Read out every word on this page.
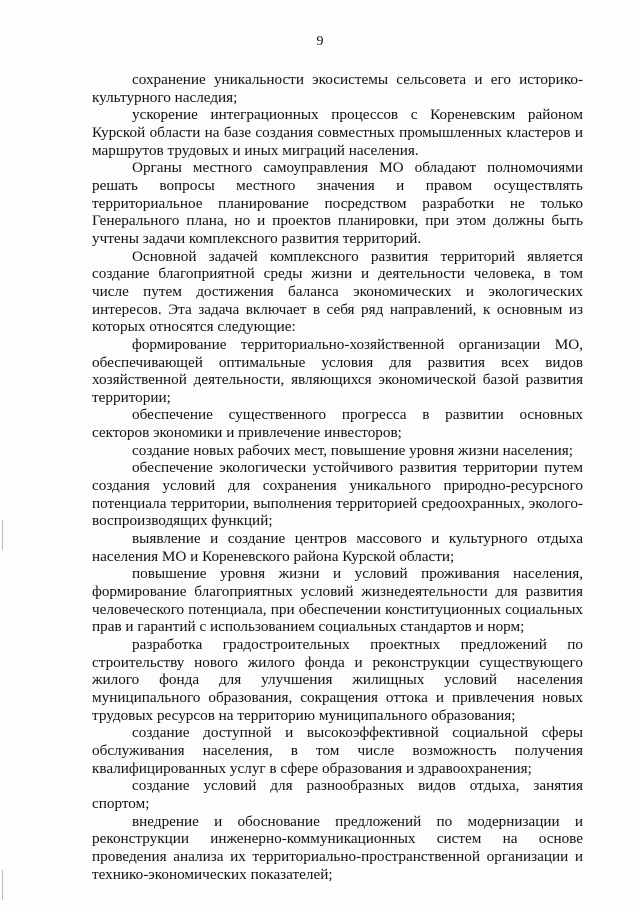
9

сохранение уникальности экосистемы сельсовета и его историко-культурного наследия;

ускорение интеграционных процессов с Кореневским районом Курской области на базе создания совместных промышленных кластеров и маршрутов трудовых и иных миграций населения.

Органы местного самоуправления МО обладают полномочиями решать вопросы местного значения и правом осуществлять территориальное планирование посредством разработки не только Генерального плана, но и проектов планировки, при этом должны быть учтены задачи комплексного развития территорий.

Основной задачей комплексного развития территорий является создание благоприятной среды жизни и деятельности человека, в том числе путем достижения баланса экономических и экологических интересов. Эта задача включает в себя ряд направлений, к основным из которых относятся следующие:

формирование территориально-хозяйственной организации МО, обеспечивающей оптимальные условия для развития всех видов хозяйственной деятельности, являющихся экономической базой развития территории;

обеспечение существенного прогресса в развитии основных секторов экономики и привлечение инвесторов;

создание новых рабочих мест, повышение уровня жизни населения;

обеспечение экологически устойчивого развития территории путем создания условий для сохранения уникального природно-ресурсного потенциала территории, выполнения территорией средоохранных, эколого-воспроизводящих функций;

выявление и создание центров массового и культурного отдыха населения МО и Кореневского района Курской области;

повышение уровня жизни и условий проживания населения, формирование благоприятных условий жизнедеятельности для развития человеческого потенциала, при обеспечении конституционных социальных прав и гарантий с использованием социальных стандартов и норм;

разработка градостроительных проектных предложений по строительству нового жилого фонда и реконструкции существующего жилого фонда для улучшения жилищных условий населения муниципального образования, сокращения оттока и привлечения новых трудовых ресурсов на территорию муниципального образования;

создание доступной и высокоэффективной социальной сферы обслуживания населения, в том числе возможность получения квалифицированных услуг в сфере образования и здравоохранения;

создание условий для разнообразных видов отдыха, занятия спортом;

внедрение и обоснование предложений по модернизации и реконструкции инженерно-коммуникационных систем на основе проведения анализа их территориально-пространственной организации и технико-экономических показателей;
